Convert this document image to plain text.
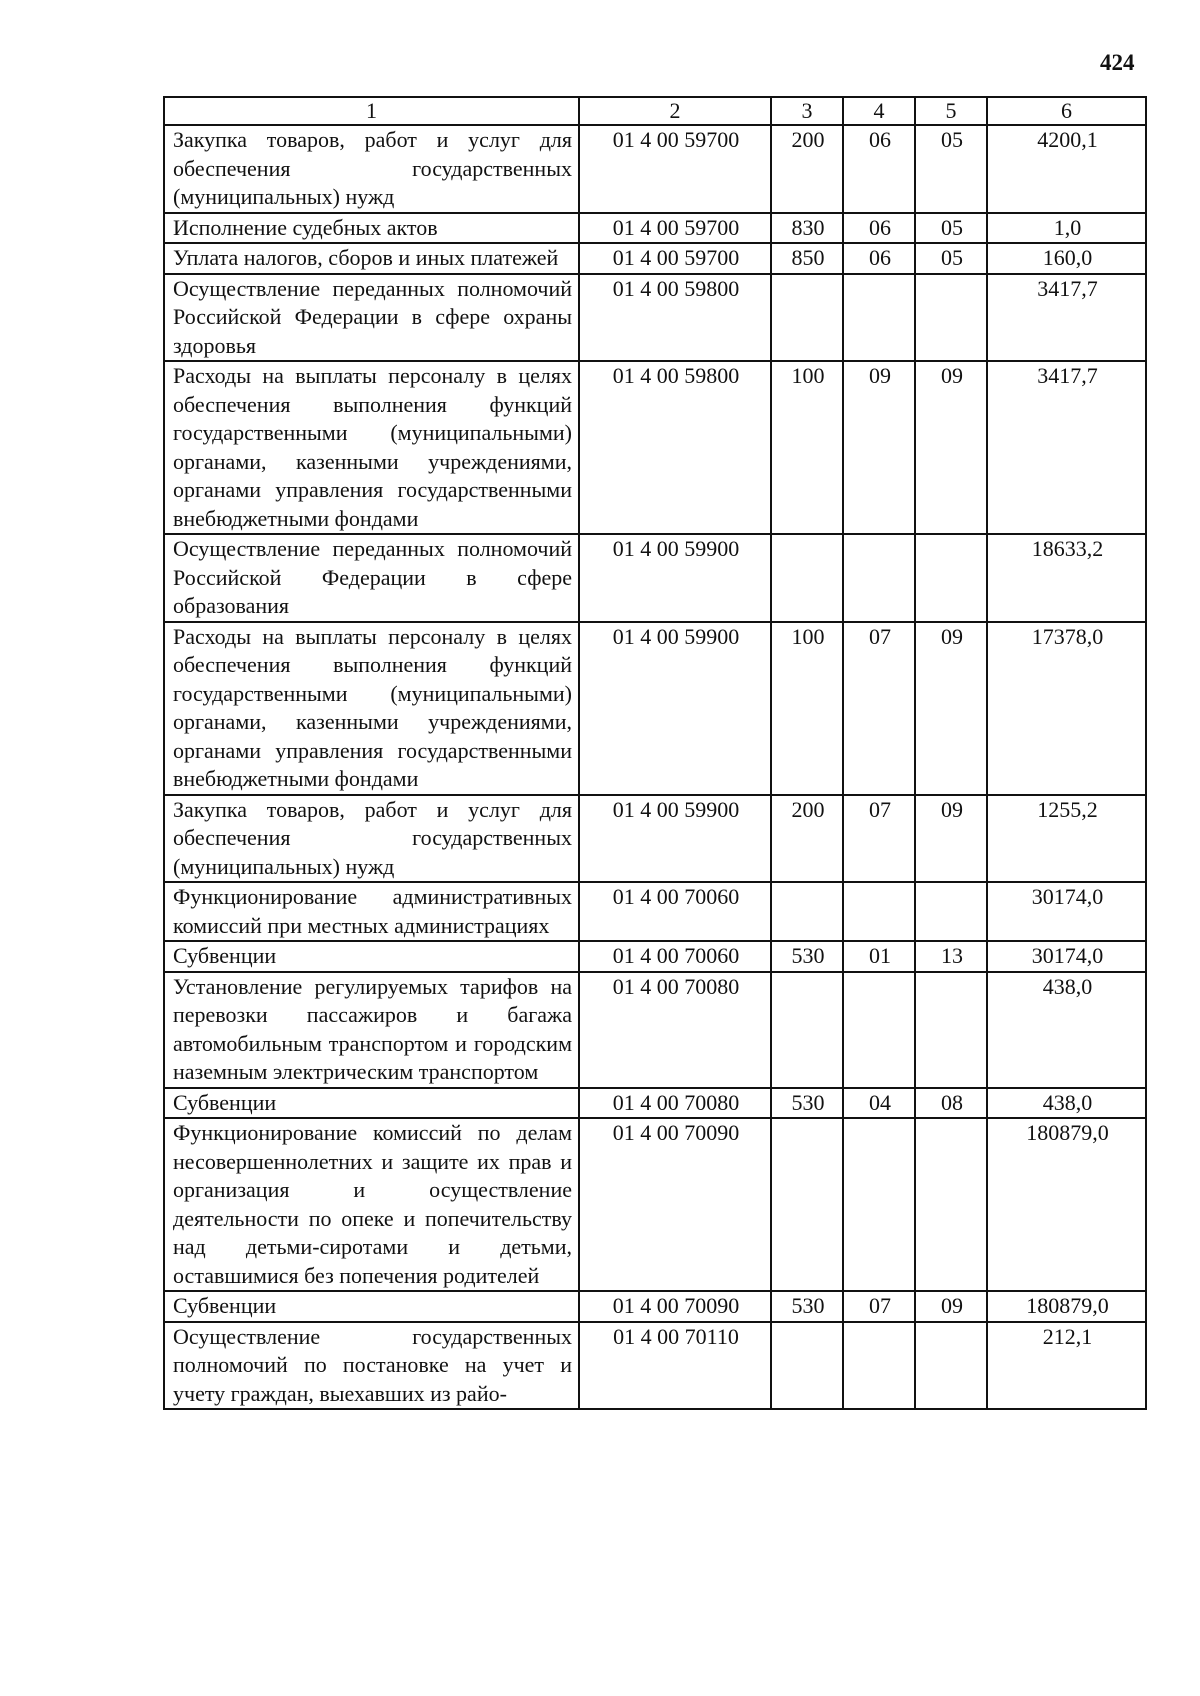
424
1	2	3	4	5	6
Закупка товаров, работ и услуг для обеспечения государственных (муниципальных) нужд	01 4 00 59700	200	06	05	4200,1
Исполнение судебных актов	01 4 00 59700	830	06	05	1,0
Уплата налогов, сборов и иных платежей	01 4 00 59700	850	06	05	160,0
Осуществление переданных полномочий Российской Федерации в сфере охраны здоровья	01 4 00 59800				3417,7
Расходы на выплаты персоналу в целях обеспечения выполнения функций государственными (муниципальными) органами, казенными учреждениями, органами управления государственными внебюджетными фондами	01 4 00 59800	100	09	09	3417,7
Осуществление переданных полномочий Российской Федерации в сфере образования	01 4 00 59900				18633,2
Расходы на выплаты персоналу в целях обеспечения выполнения функций государственными (муниципальными) органами, казенными учреждениями, органами управления государственными внебюджетными фондами	01 4 00 59900	100	07	09	17378,0
Закупка товаров, работ и услуг для обеспечения государственных (муниципальных) нужд	01 4 00 59900	200	07	09	1255,2
Функционирование административных комиссий при местных администрациях	01 4 00 70060				30174,0
Субвенции	01 4 00 70060	530	01	13	30174,0
Установление регулируемых тарифов на перевозки пассажиров и багажа автомобильным транспортом и городским наземным электрическим транспортом	01 4 00 70080				438,0
Субвенции	01 4 00 70080	530	04	08	438,0
Функционирование комиссий по делам несовершеннолетних и защите их прав и организация и осуществление деятельности по опеке и попечительству над детьми-сиротами и детьми, оставшимися без попечения родителей	01 4 00 70090				180879,0
Субвенции	01 4 00 70090	530	07	09	180879,0
Осуществление государственных полномочий по постановке на учет и учету граждан, выехавших из райо-	01 4 00 70110				212,1
